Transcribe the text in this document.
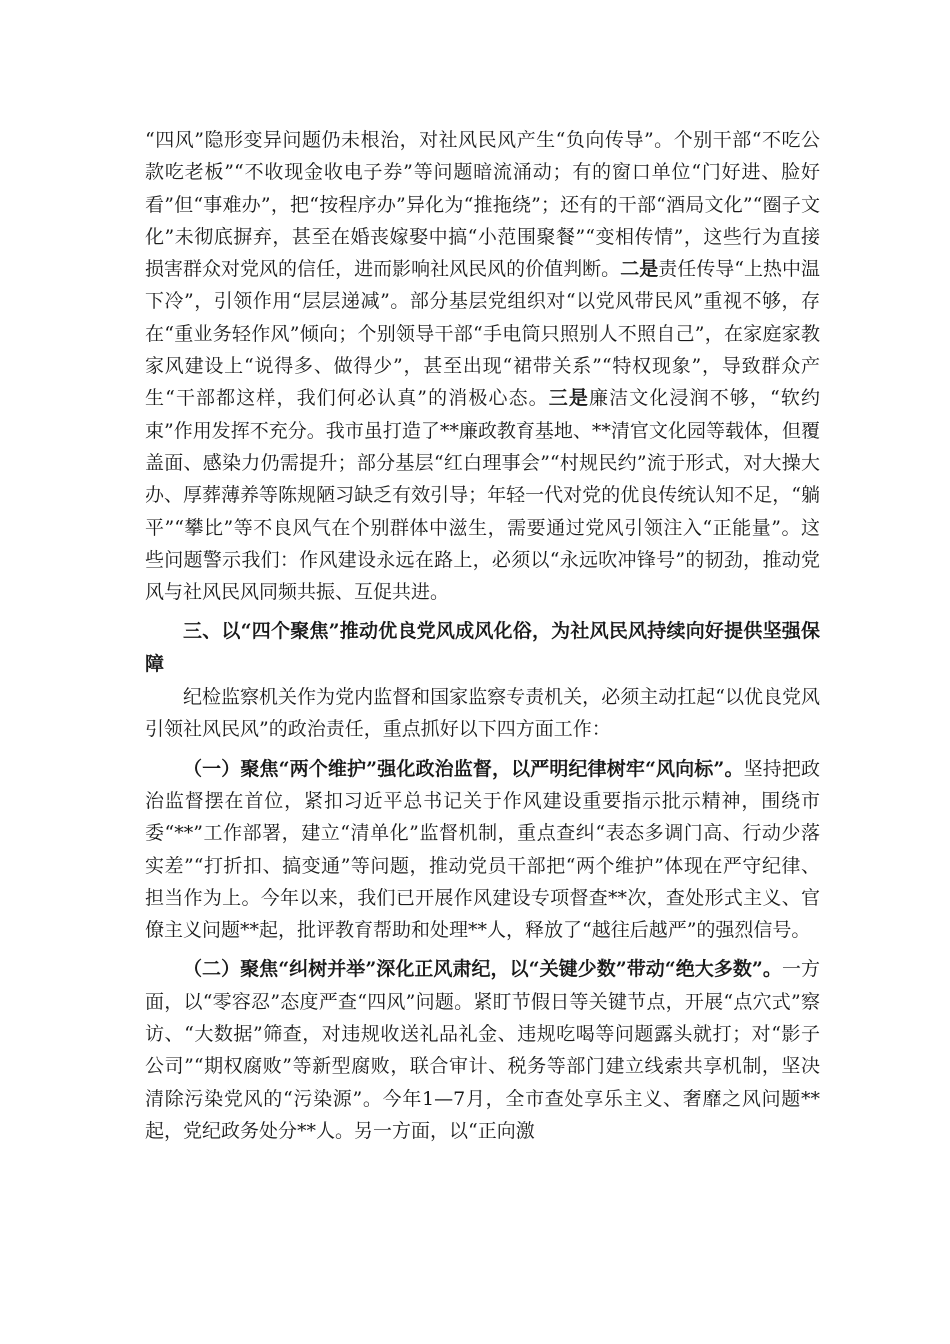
“四风”隐形变异问题仍未根治，对社风民风产生“负向传导”。个别干部“不吃公款吃老板”“不收现金收电子券”等问题暗流涌动；有的窗口单位“门好进、脸好看”但“事难办”，把“按程序办”异化为“推拖绕”；还有的干部“酒局文化”“圈子文化”未彻底摒弃，甚至在婚丧嫁娶中搞“小范围聚餐”“变相传情”，这些行为直接损害群众对党风的信任，进而影响社风民风的价值判断。二是责任传导“上热中温下冷”，引领作用“层层递减”。部分基层党组织对“以党风带民风”重视不够，存在“重业务轻作风”倾向；个别领导干部“手电筒只照别人不照自己”，在家庭家教家风建设上“说得多、做得少”，甚至出现“裙带关系”“特权现象”，导致群众产生“干部都这样，我们何必认真”的消极心态。三是廉洁文化浸润不够，“软约束”作用发挥不充分。我市虽打造了**廉政教育基地、**清官文化园等载体，但覆盖面、感染力仍需提升；部分基层“红白理事会”“村规民约”流于形式，对大操大办、厚葬薄养等陈规陋习缺乏有效引导；年轻一代对党的优良传统认知不足，“躺平”“攀比”等不良风气在个别群体中滋生，需要通过党风引领注入“正能量”。这些问题警示我们：作风建设永远在路上，必须以“永远吹冲锋号”的韧劲，推动党风与社风民风同频共振、互促共进。

三、以“四个聚焦”推动优良党风成风化俗，为社风民风持续向好提供坚强保障

纪检监察机关作为党内监督和国家监察专责机关，必须主动扛起“以优良党风引领社风民风”的政治责任，重点抓好以下四方面工作：

（一）聚焦“两个维护”强化政治监督，以严明纪律树牢“风向标”。坚持把政治监督摆在首位，紧扣习近平总书记关于作风建设重要指示批示精神，围绕市委“**”工作部署，建立“清单化”监督机制，重点查纠“表态多调门高、行动少落实差”“打折扣、搞变通”等问题，推动党员干部把“两个维护”体现在严守纪律、担当作为上。今年以来，我们已开展作风建设专项督查**次，查处形式主义、官僚主义问题**起，批评教育帮助和处理**人，释放了“越往后越严”的强烈信号。

（二）聚焦“纠树并举”深化正风肃纪，以“关键少数”带动“绝大多数”。一方面，以“零容忍”态度严查“四风”问题。紧盯节假日等关键节点，开展“点穴式”察访、“大数据”筛查，对违规收送礼品礼金、违规吃喝等问题露头就打；对“影子公司”“期权腐败”等新型腐败，联合审计、税务等部门建立线索共享机制，坚决清除污染党风的“污染源”。今年1—7月，全市查处享乐主义、奢靡之风问题**起，党纪政务处分**人。另一方面，以“正向激
